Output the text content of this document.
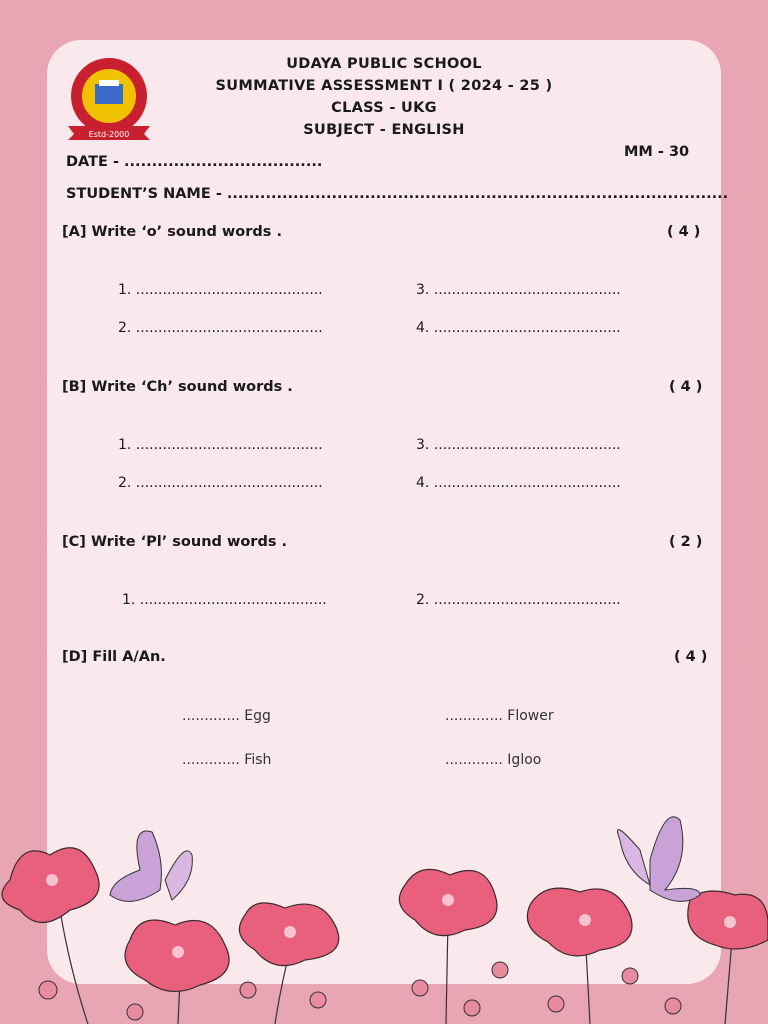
Estd-2000
UDAYA PUBLIC SCHOOL
SUMMATIVE ASSESSMENT I ( 2024 - 25 )
CLASS - UKG
SUBJECT - ENGLISH
MM - 30
DATE - ....................................
STUDENT’S NAME - ...........................................................................................
[A] Write ‘o’ sound words .	( 4 )
1. ..........................................
2. ..........................................
3. ..........................................
4. ..........................................
[B] Write ‘Ch’ sound words .	( 4 )
1. ..........................................
2. ..........................................
3. ..........................................
4. ..........................................
[C] Write ‘Pl’ sound words .	( 2 )
1. ..........................................	2. ..........................................
[D] Fill A/An.	( 4 )
............. Egg	............. Flower
............. Fish	............. Igloo
